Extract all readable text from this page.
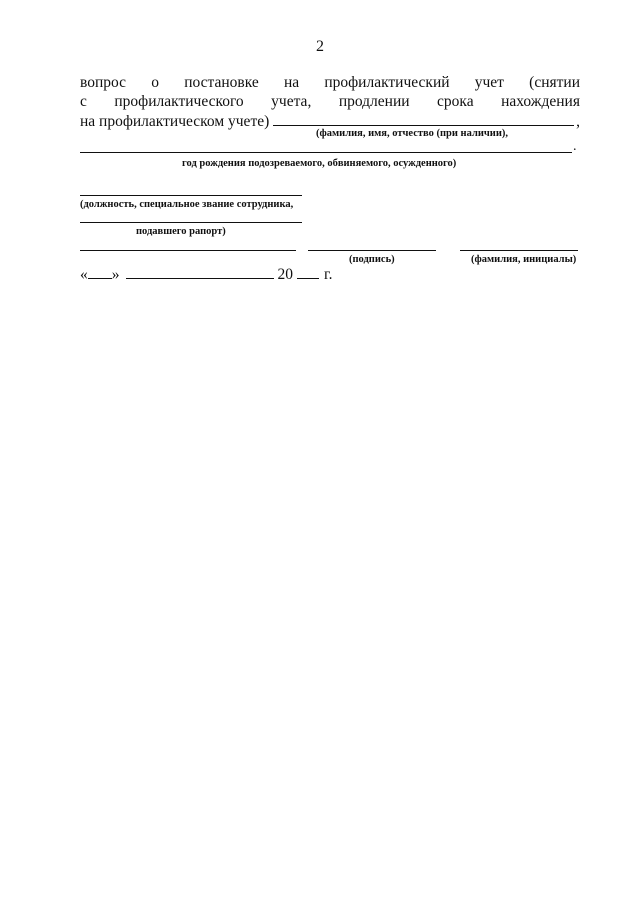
2
вопрос о постановке на профилактический учет (снятии
с профилактического учета, продлении срока нахождения
на профилактическом учете)	,
(фамилия, имя, отчество (при наличии),
.
год рождения подозреваемого, обвиняемого, осужденного)
(должность, специальное звание сотрудника,
подавшего рапорт)
(подпись)	(фамилия, инициалы)
« »	20 г.
